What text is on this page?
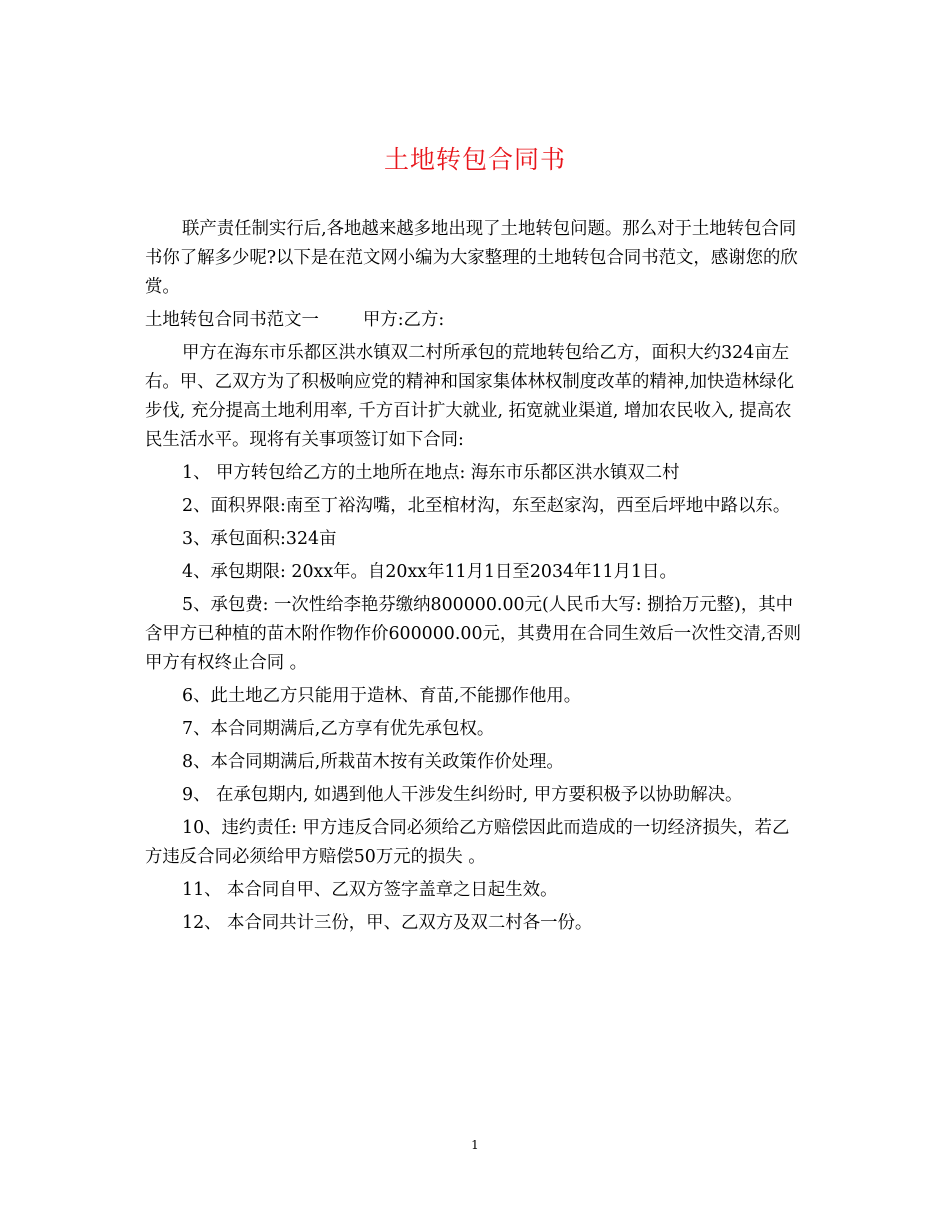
土地转包合同书

联产责任制实行后,各地越来越多地出现了土地转包问题。那么对于土地转包合同书你了解多少呢?以下是在范文网小编为大家整理的土地转包合同书范文，感谢您的欣赏。

土地转包合同书范文一	甲方:乙方:

甲方在海东市乐都区洪水镇双二村所承包的荒地转包给乙方，面积大约324亩左右。甲、乙双方为了积极响应党的精神和国家集体林权制度改革的精神,加快造林绿化步伐, 充分提高土地利用率, 千方百计扩大就业, 拓宽就业渠道, 增加农民收入, 提高农民生活水平。现将有关事项签订如下合同:

1、 甲方转包给乙方的土地所在地点: 海东市乐都区洪水镇双二村

2、面积界限:南至丁裕沟嘴，北至棺材沟，东至赵家沟，西至后坪地中路以东。

3、承包面积:324亩

4、承包期限: 20xx年。自20xx年11月1日至2034年11月1日。

5、承包费: 一次性给李艳芬缴纳800000.00元(人民币大写: 捌拾万元整)，其中含甲方已种植的苗木附作物作价600000.00元，其费用在合同生效后一次性交清,否则甲方有权终止合同 。

6、此土地乙方只能用于造林、育苗,不能挪作他用。

7、本合同期满后,乙方享有优先承包权。

8、本合同期满后,所栽苗木按有关政策作价处理。

9、 在承包期内, 如遇到他人干涉发生纠纷时, 甲方要积极予以协助解决。

10、违约责任: 甲方违反合同必须给乙方赔偿因此而造成的一切经济损失，若乙方违反合同必须给甲方赔偿50万元的损失 。

11、 本合同自甲、乙双方签字盖章之日起生效。

12、 本合同共计三份，甲、乙双方及双二村各一份。

1
